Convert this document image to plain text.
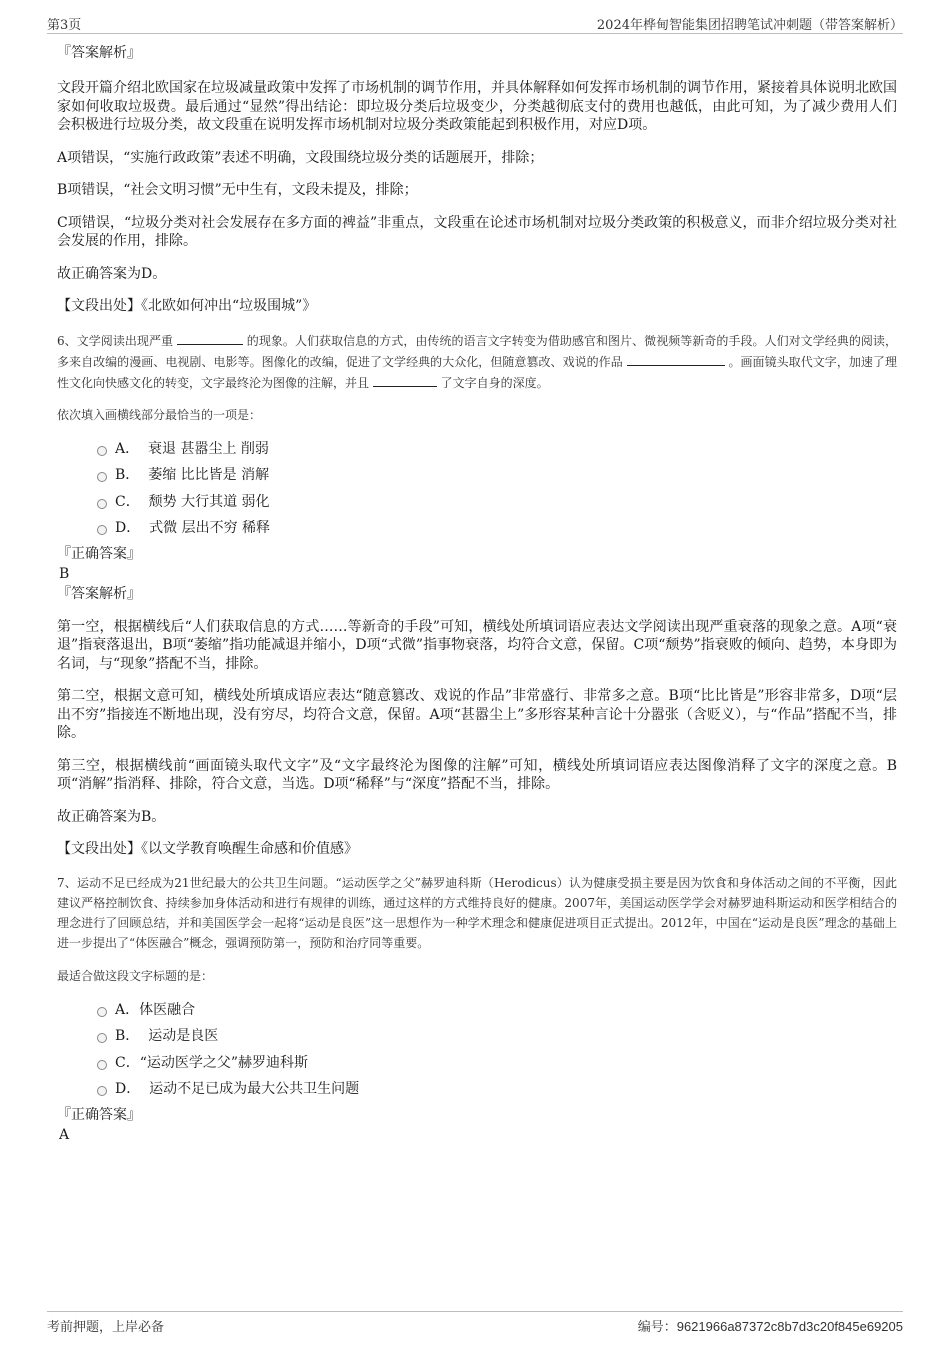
第3页	2024年桦甸智能集团招聘笔试冲刺题（带答案解析）

『答案解析』

文段开篇介绍北欧国家在垃圾减量政策中发挥了市场机制的调节作用，并具体解释如何发挥市场机制的调节作用，紧接着具体说明北欧国家如何收取垃圾费。最后通过“显然”得出结论：即垃圾分类后垃圾变少，分类越彻底支付的费用也越低，由此可知，为了减少费用人们会积极进行垃圾分类，故文段重在说明发挥市场机制对垃圾分类政策能起到积极作用，对应D项。

A项错误，“实施行政政策”表述不明确，文段围绕垃圾分类的话题展开，排除；

B项错误，“社会文明习惯”无中生有，文段未提及，排除；

C项错误，“垃圾分类对社会发展存在多方面的裨益”非重点，文段重在论述市场机制对垃圾分类政策的积极意义，而非介绍垃圾分类对社会发展的作用，排除。

故正确答案为D。

【文段出处】《北欧如何冲出“垃圾围城”》

6、文学阅读出现严重	的现象。人们获取信息的方式，由传统的语言文字转变为借助感官和图片、微视频等新奇的手段。人们对文学经典的阅读，多来自改编的漫画、电视剧、电影等。图像化的改编，促进了文学经典的大众化，但随意篡改、戏说的作品	。画面镜头取代文字，加速了理性文化向快感文化的转变，文字最终沦为图像的注解，并且	了文字自身的深度。

依次填入画横线部分最恰当的一项是：

A． 衰退 甚嚣尘上 削弱
B． 萎缩 比比皆是 消解
C． 颓势 大行其道 弱化
D． 式微 层出不穷 稀释

『正确答案』

B

『答案解析』

第一空，根据横线后“人们获取信息的方式……等新奇的手段”可知，横线处所填词语应表达文学阅读出现严重衰落的现象之意。A项“衰退”指衰落退出，B项“萎缩”指功能减退并缩小，D项“式微”指事物衰落，均符合文意，保留。C项“颓势”指衰败的倾向、趋势，本身即为名词，与“现象”搭配不当，排除。

第二空，根据文意可知，横线处所填成语应表达“随意篡改、戏说的作品”非常盛行、非常多之意。B项“比比皆是”形容非常多，D项“层出不穷”指接连不断地出现，没有穷尽，均符合文意，保留。A项“甚嚣尘上”多形容某种言论十分嚣张（含贬义），与“作品”搭配不当，排除。

第三空，根据横线前“画面镜头取代文字”及“文字最终沦为图像的注解”可知，横线处所填词语应表达图像消释了文字的深度之意。B项“消解”指消释、排除，符合文意，当选。D项“稀释”与“深度”搭配不当，排除。

故正确答案为B。

【文段出处】《以文学教育唤醒生命感和价值感》

7、运动不足已经成为21世纪最大的公共卫生问题。“运动医学之父”赫罗迪科斯（Herodicus）认为健康受损主要是因为饮食和身体活动之间的不平衡，因此建议严格控制饮食、持续参加身体活动和进行有规律的训练，通过这样的方式维持良好的健康。2007年，美国运动医学学会对赫罗迪科斯运动和医学相结合的理念进行了回顾总结，并和美国医学会一起将“运动是良医”这一思想作为一种学术理念和健康促进项目正式提出。2012年，中国在“运动是良医”理念的基础上进一步提出了“体医融合”概念，强调预防第一，预防和治疗同等重要。

最适合做这段文字标题的是：

A．体医融合
B． 运动是良医
C．“运动医学之父”赫罗迪科斯
D． 运动不足已成为最大公共卫生问题

『正确答案』

A

考前押题，上岸必备	编号：9621966a87372c8b7d3c20f845e69205
